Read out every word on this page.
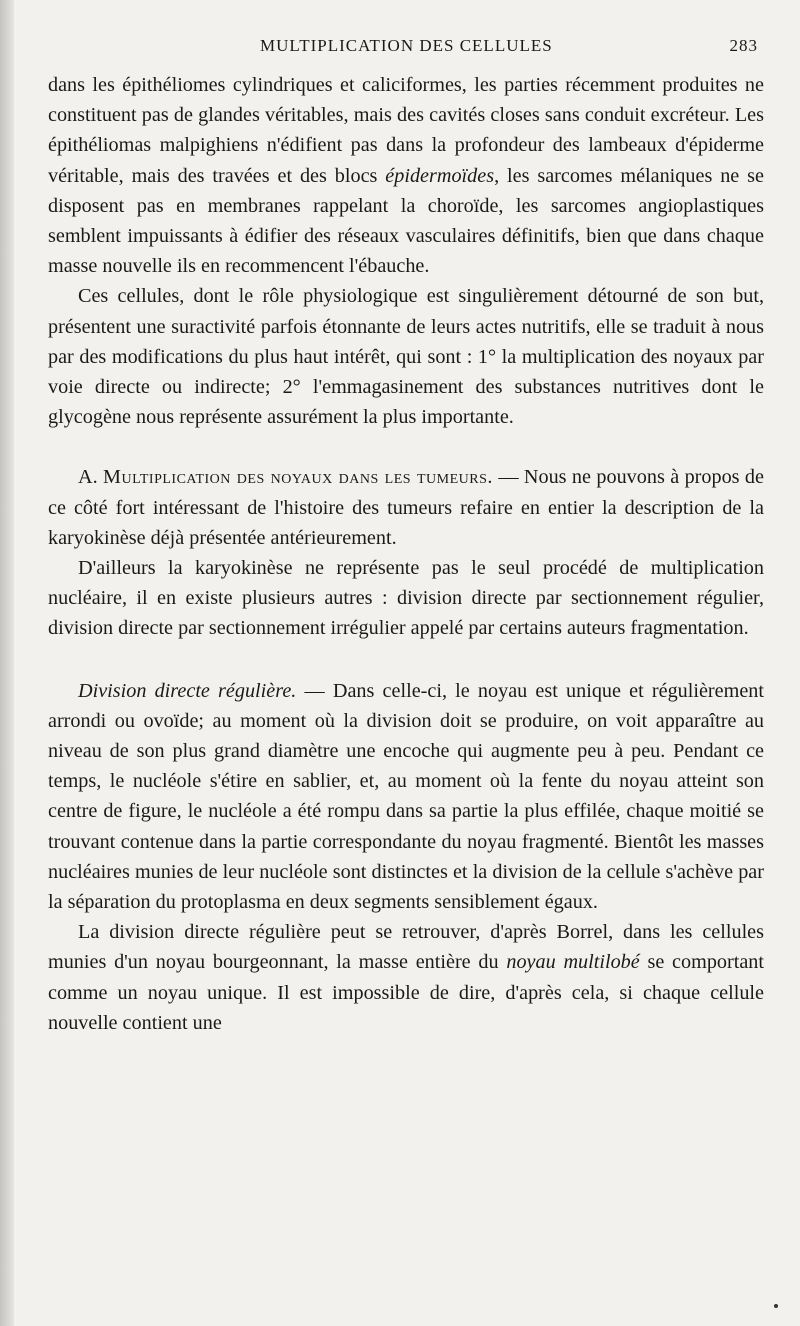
MULTIPLICATION DES CELLULES	283

dans les épithéliomes cylindriques et caliciformes, les parties récemment produites ne constituent pas de glandes véritables, mais des cavités closes sans conduit excréteur. Les épithéliomas malpighiens n'édifient pas dans la profondeur des lambeaux d'épiderme véritable, mais des travées et des blocs épidermoïdes, les sarcomes mélaniques ne se disposent pas en membranes rappelant la choroïde, les sarcomes angioplastiques semblent impuissants à édifier des réseaux vasculaires définitifs, bien que dans chaque masse nouvelle ils en recommencent l'ébauche.

Ces cellules, dont le rôle physiologique est singulièrement détourné de son but, présentent une suractivité parfois étonnante de leurs actes nutritifs, elle se traduit à nous par des modifications du plus haut intérêt, qui sont : 1° la multiplication des noyaux par voie directe ou indirecte; 2° l'emmagasinement des substances nutritives dont le glycogène nous représente assurément la plus importante.

A. Multiplication des noyaux dans les tumeurs. — Nous ne pouvons à propos de ce côté fort intéressant de l'histoire des tumeurs refaire en entier la description de la karyokinèse déjà présentée antérieurement.

D'ailleurs la karyokinèse ne représente pas le seul procédé de multiplication nucléaire, il en existe plusieurs autres : division directe par sectionnement régulier, division directe par sectionnement irrégulier appelé par certains auteurs fragmentation.

Division directe régulière. — Dans celle-ci, le noyau est unique et régulièrement arrondi ou ovoïde; au moment où la division doit se produire, on voit apparaître au niveau de son plus grand diamètre une encoche qui augmente peu à peu. Pendant ce temps, le nucléole s'étire en sablier, et, au moment où la fente du noyau atteint son centre de figure, le nucléole a été rompu dans sa partie la plus effilée, chaque moitié se trouvant contenue dans la partie correspondante du noyau fragmenté. Bientôt les masses nucléaires munies de leur nucléole sont distinctes et la division de la cellule s'achève par la séparation du protoplasma en deux segments sensiblement égaux.

La division directe régulière peut se retrouver, d'après Borrel, dans les cellules munies d'un noyau bourgeonnant, la masse entière du noyau multilobé se comportant comme un noyau unique. Il est impossible de dire, d'après cela, si chaque cellule nouvelle contient une
